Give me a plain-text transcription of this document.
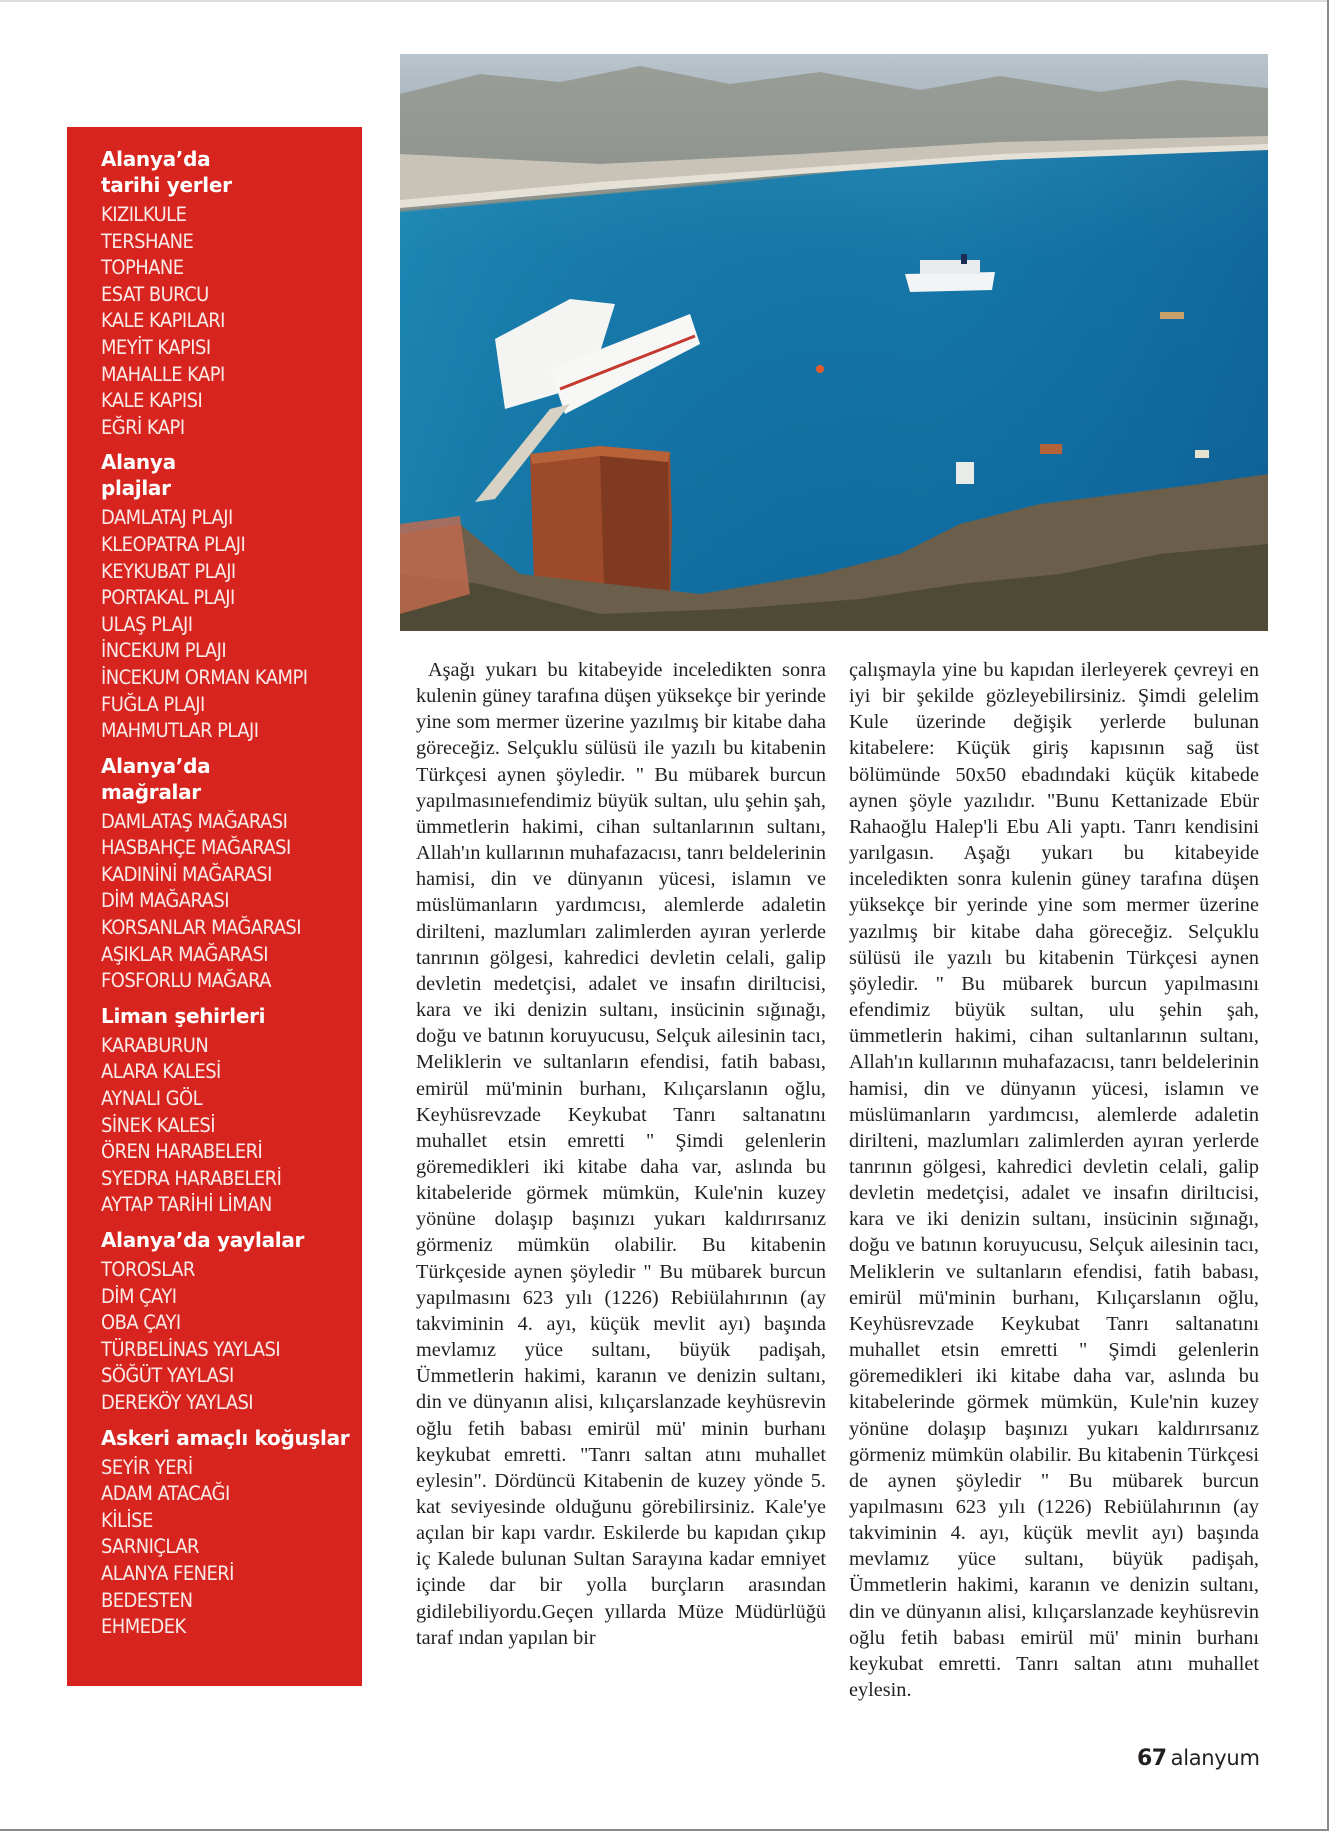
Alanya’da
tarihi yerler
KIZILKULE
TERSHANE
TOPHANE
ESAT BURCU
KALE KAPILARI
MEYİT KAPISI
MAHALLE KAPI
KALE KAPISI
EĞRİ KAPI
Alanya
plajlar
DAMLATAJ PLAJI
KLEOPATRA PLAJI
KEYKUBAT PLAJI
PORTAKAL PLAJI
ULAŞ PLAJI
İNCEKUM PLAJI
İNCEKUM ORMAN KAMPI
FUĞLA PLAJI
MAHMUTLAR PLAJI
Alanya’da
mağralar
DAMLATAŞ MAĞARASI
HASBAHÇE MAĞARASI
KADINİNİ MAĞARASI
DİM MAĞARASI
KORSANLAR MAĞARASI
AŞIKLAR MAĞARASI
FOSFORLU MAĞARA
Liman şehirleri
KARABURUN
ALARA KALESİ
AYNALI GÖL
SİNEK KALESİ
ÖREN HARABELERİ
SYEDRA HARABELERİ
AYTAP TARİHİ LİMAN
Alanya’da yaylalar
TOROSLAR
DİM ÇAYI
OBA ÇAYI
TÜRBELİNAS YAYLASI
SÖĞÜT YAYLASI
DEREKÖY YAYLASI
Askeri amaçlı koğuşlar
SEYİR YERİ
ADAM ATACAĞI
KİLİSE
SARNIÇLAR
ALANYA FENERİ
BEDESTEN
EHMEDEK

Aşağı yukarı bu kitabeyide inceledikten sonra kulenin güney tarafına düşen yüksekçe bir yerinde yine som mermer üzerine yazılmış bir kitabe daha göreceğiz. Selçuklu sülüsü ile yazılı bu kitabenin Türkçesi aynen şöyledir. " Bu mübarek burcun yapılmasınıefendimiz büyük sultan, ulu şehin şah, ümmetlerin hakimi, cihan sultanlarının sultanı, Allah'ın kullarının muhafazacısı, tanrı beldelerinin hamisi, din ve dünyanın yücesi, islamın ve müslümanların yardımcısı, alemlerde adaletin dirilteni, mazlumları zalimlerden ayıran yerlerde tanrının gölgesi, kahredici devletin celali, galip devletin medetçisi, adalet ve insafın diriltıcisi, kara ve iki denizin sultanı, insücinin sığınağı, doğu ve batının koruyucusu, Selçuk ailesinin tacı, Meliklerin ve sultanların efendisi, fatih babası, emirül mü'minin burhanı, Kılıçarslanın oğlu, Keyhüsrevzade Keykubat Tanrı saltanatını muhallet etsin emretti " Şimdi gelenlerin göremedikleri iki kitabe daha var, aslında bu kitabeleride görmek mümkün, Kule'nin kuzey yönüne dolaşıp başınızı yukarı kaldırırsanız görmeniz mümkün olabilir. Bu kitabenin Türkçeside aynen şöyledir " Bu mübarek burcun yapılmasını 623 yılı (1226) Rebiülahırının (ay takviminin 4. ayı, küçük mevlit ayı) başında mevlamız yüce sultanı, büyük padişah, Ümmetlerin hakimi, karanın ve denizin sultanı, din ve dünyanın alisi, kılıçarslanzade keyhüsrevin oğlu fetih babası emirül mü' minin burhanı keykubat emretti. "Tanrı saltan atını muhallet eylesin". Dördüncü Kitabenin de kuzey yönde 5. kat seviyesinde olduğunu görebilirsiniz. Kale'ye açılan bir kapı vardır. Eskilerde bu kapıdan çıkıp iç Kalede bulunan Sultan Sarayına kadar emniyet içinde dar bir yolla burçların arasından gidilebiliyordu.Geçen yıllarda Müze Müdürlüğü taraf ından yapılan bir

çalışmayla yine bu kapıdan ilerleyerek çevreyi en iyi bir şekilde gözleyebilirsiniz. Şimdi gelelim Kule üzerinde değişik yerlerde bulunan kitabelere: Küçük giriş kapısının sağ üst bölümünde 50x50 ebadındaki küçük kitabede aynen şöyle yazılıdır. "Bunu Kettanizade Ebür Rahaoğlu Halep'li Ebu Ali yaptı. Tanrı kendisini yarılgasın. Aşağı yukarı bu kitabeyide inceledikten sonra kulenin güney tarafına düşen yüksekçe bir yerinde yine som mermer üzerine yazılmış bir kitabe daha göreceğiz. Selçuklu sülüsü ile yazılı bu kitabenin Türkçesi aynen şöyledir. " Bu mübarek burcun yapılmasını efendimiz büyük sultan, ulu şehin şah, ümmetlerin hakimi, cihan sultanlarının sultanı, Allah'ın kullarının muhafazacısı, tanrı beldelerinin hamisi, din ve dünyanın yücesi, islamın ve müslümanların yardımcısı, alemlerde adaletin dirilteni, mazlumları zalimlerden ayıran yerlerde tanrının gölgesi, kahredici devletin celali, galip devletin medetçisi, adalet ve insafın diriltıcisi, kara ve iki denizin sultanı, insücinin sığınağı, doğu ve batının koruyucusu, Selçuk ailesinin tacı, Meliklerin ve sultanların efendisi, fatih babası, emirül mü'minin burhanı, Kılıçarslanın oğlu, Keyhüsrevzade Keykubat Tanrı saltanatını muhallet etsin emretti " Şimdi gelenlerin göremedikleri iki kitabe daha var, aslında bu kitabelerinde görmek mümkün, Kule'nin kuzey yönüne dolaşıp başınızı yukarı kaldırırsanız görmeniz mümkün olabilir. Bu kitabenin Türkçesi de aynen şöyledir " Bu mübarek burcun yapılmasını 623 yılı (1226) Rebiülahırının (ay takviminin 4. ayı, küçük mevlit ayı) başında mevlamız yüce sultanı, büyük padişah, Ümmetlerin hakimi, karanın ve denizin sultanı, din ve dünyanın alisi, kılıçarslanzade keyhüsrevin oğlu fetih babası emirül mü' minin burhanı keykubat emretti. Tanrı saltan atını muhallet eylesin.

67 alanyum
